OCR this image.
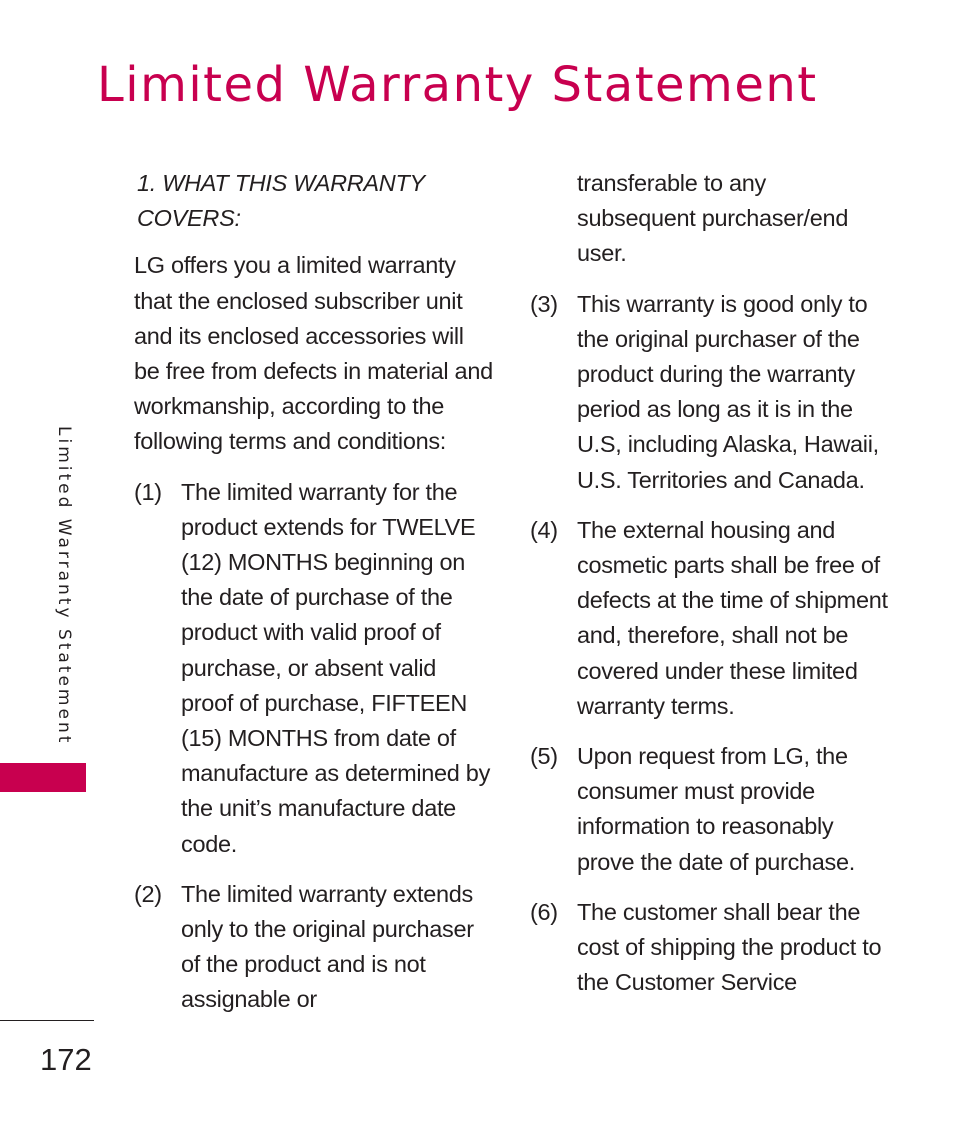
Limited Warranty Statement
Limited Warranty Statement
172
1. WHAT THIS WARRANTY
COVERS:

LG offers you a limited warranty that the enclosed subscriber unit and its enclosed accessories will be free from defects in material and workmanship, according to the following terms and conditions:

(1) The limited warranty for the product extends for TWELVE (12) MONTHS beginning on the date of purchase of the product with valid proof of purchase, or absent valid proof of purchase, FIFTEEN (15) MONTHS from date of manufacture as determined by the unit’s manufacture date code.
(2) The limited warranty extends only to the original purchaser of the product and is not assignable or
transferable to any subsequent purchaser/end user.
(3) This warranty is good only to the original purchaser of the product during the warranty period as long as it is in the U.S, including Alaska, Hawaii, U.S. Territories and Canada.
(4) The external housing and cosmetic parts shall be free of defects at the time of shipment and, therefore, shall not be covered under these limited warranty terms.
(5) Upon request from LG, the consumer must provide information to reasonably prove the date of purchase.
(6) The customer shall bear the cost of shipping the product to the Customer Service
